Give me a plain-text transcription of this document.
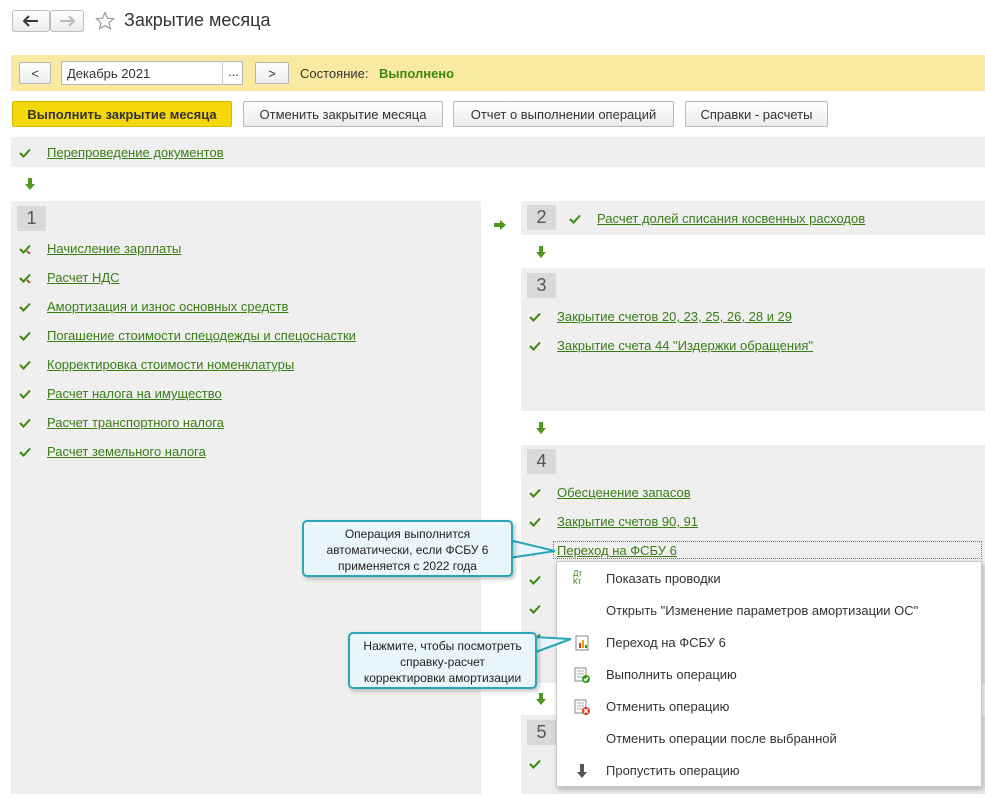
Закрытие месяца
<	Декабрь 2021	...	>	Состояние: Выполнено
Выполнить закрытие месяца	Отменить закрытие месяца	Отчет о выполнении операций	Справки - расчеты
Перепроведение документов
1
Начисление зарплаты
Расчет НДС
Амортизация и износ основных средств
Погашение стоимости спецодежды и спецоснастки
Корректировка стоимости номенклатуры
Расчет налога на имущество
Расчет транспортного налога
Расчет земельного налога
2	Расчет долей списания косвенных расходов
3
Закрытие счетов 20, 23, 25, 26, 28 и 29
Закрытие счета 44 "Издержки обращения"
4
Обесценение запасов
Закрытие счетов 90, 91
Переход на ФСБУ 6
5
Дт Кт	Показать проводки
Открыть "Изменение параметров амортизации ОС"
Переход на ФСБУ 6
Выполнить операцию
Отменить операцию
Отменить операции после выбранной
Пропустить операцию
Операция выполнится
автоматически, если ФСБУ 6
применяется с 2022 года
Нажмите, чтобы посмотреть
справку-расчет
корректировки амортизации
